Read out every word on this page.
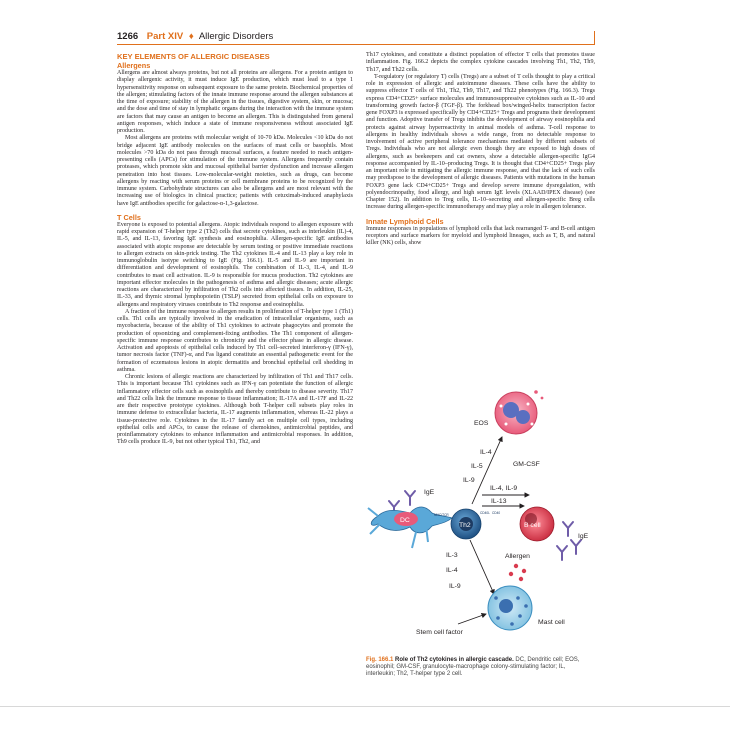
1266 Part XIV ♦ Allergic Disorders
KEY ELEMENTS OF ALLERGIC DISEASES
Allergens

Allergens are almost always proteins, but not all proteins are allergens. For a protein antigen to display allergenic activity, it must induce IgE production, which must lead to a type 1 hypersensitivity response on subsequent exposure to the same protein. Biochemical properties of the allergen; stimulating factors of the innate immune response around the allergen substances at the time of exposure; stability of the allergen in the tissues, digestive system, skin, or mucosa; and the dose and time of stay in lymphatic organs during the interaction with the immune system are factors that may cause an antigen to become an allergen. This is distinguished from general antigen responses, which induce a state of immune responsiveness without associated IgE production.

Most allergens are proteins with molecular weight of 10-70 kDa. Molecules <10 kDa do not bridge adjacent IgE antibody molecules on the surfaces of mast cells or basophils. Most molecules >70 kDa do not pass through mucosal surfaces, a feature needed to reach antigen-presenting cells (APCs) for stimulation of the immune system. Allergens frequently contain proteases, which promote skin and mucosal epithelial barrier dysfunction and increase allergen penetration into host tissues. Low-molecular-weight moieties, such as drugs, can become allergens by reacting with serum proteins or cell membrane proteins to be recognized by the immune system. Carbohydrate structures can also be allergens and are most relevant with the increasing use of biologics in clinical practice; patients with cetuximab-induced anaphylaxis have IgE antibodies specific for galactose-α-1,3-galactose.

T Cells

Everyone is exposed to potential allergens. Atopic individuals respond to allergen exposure with rapid expansion of T-helper type 2 (Th2) cells that secrete cytokines, such as interleukin (IL)-4, IL-5, and IL-13, favoring IgE synthesis and eosinophilia. Allergen-specific IgE antibodies associated with atopic response are detectable by serum testing or positive immediate reactions to allergen extracts on skin-prick testing. The Th2 cytokines IL-4 and IL-13 play a key role in immunoglobulin isotype switching to IgE (Fig. 166.1). IL-5 and IL-9 are important in differentiation and development of eosinophils. The combination of IL-3, IL-4, and IL-9 contributes to mast cell activation. IL-9 is responsible for mucus production. Th2 cytokines are important effector molecules in the pathogenesis of asthma and allergic diseases; acute allergic reactions are characterized by infiltration of Th2 cells into affected tissues. In addition, IL-25, IL-33, and thymic stromal lymphopoietin (TSLP) secreted from epithelial cells on exposure to allergens and respiratory viruses contribute to Th2 response and eosinophilia.

A fraction of the immune response to allergen results in proliferation of T-helper type 1 (Th1) cells. Th1 cells are typically involved in the eradication of intracellular organisms, such as mycobacteria, because of the ability of Th1 cytokines to activate phagocytes and promote the production of opsonizing and complement-fixing antibodies. The Th1 component of allergen-specific immune response contributes to chronicity and the effector phase in allergic disease. Activation and apoptosis of epithelial cells induced by Th1 cell–secreted interferon-γ (IFN-γ), tumor necrosis factor (TNF)-α, and Fas ligand constitute an essential pathogenetic event for the formation of eczematous lesions in atopic dermatitis and bronchial epithelial cell shedding in asthma.

Chronic lesions of allergic reactions are characterized by infiltration of Th1 and Th17 cells. This is important because Th1 cytokines such as IFN-γ can potentiate the function of allergic inflammatory effector cells such as eosinophils and thereby contribute to disease severity. Th17 and Th22 cells link the immune response to tissue inflammation; IL-17A and IL-17F and IL-22 are their respective prototype cytokines. Although both T-helper cell subsets play roles in immune defense to extracellular bacteria, IL-17 augments inflammation, whereas IL-22 plays a tissue-protective role. Cytokines in the IL-17 family act on multiple cell types, including epithelial cells and APCs, to cause the release of chemokines, antimicrobial peptides, and proinflammatory cytokines to enhance inflammation and antimicrobial responses. In addition, Th9 cells produce IL-9, but not other typical Th1, Th2, and

Th17 cytokines, and constitute a distinct population of effector T cells that promotes tissue inflammation. Fig. 166.2 depicts the complex cytokine cascades involving Th1, Th2, Th9, Th17, and Th22 cells.

T-regulatory (or regulatory T) cells (Tregs) are a subset of T cells thought to play a critical role in expression of allergic and autoimmune diseases. These cells have the ability to suppress effector T cells of Th1, Th2, Th9, Th17, and Th22 phenotypes (Fig. 166.3). Tregs express CD4+CD25+ surface molecules and immunosuppressive cytokines such as IL-10 and transforming growth factor-β (TGF-β). The forkhead box/winged-helix transcription factor gene FOXP3 is expressed specifically by CD4+CD25+ Tregs and programs their development and function. Adoptive transfer of Tregs inhibits the development of airway eosinophilia and protects against airway hyperreactivity in animal models of asthma. T-cell response to allergens in healthy individuals shows a wide range, from no detectable response to involvement of active peripheral tolerance mechanisms mediated by different subsets of Tregs. Individuals who are not allergic even though they are exposed to high doses of allergens, such as beekeepers and cat owners, show a detectable allergen-specific IgG4 response accompanied by IL-10–producing Tregs. It is thought that CD4+CD25+ Tregs play an important role in mitigating the allergic immune response, and that the lack of such cells may predispose to the development of allergic diseases. Patients with mutations in the human FOXP3 gene lack CD4+CD25+ Tregs and develop severe immune dysregulation, with polyendocrinopathy, food allergy, and high serum IgE levels (XLAAD/IPEX disease) (see Chapter 152). In addition to Treg cells, IL-10–secreting and allergen-specific Breg cells increase during allergen-specific immunotherapy and may play a role in allergen tolerance.

Innate Lymphoid Cells

Immune responses in populations of lymphoid cells that lack rearranged T- and B-cell antigen receptors and surface markers for myeloid and lymphoid lineages, such as T, B, and natural killer (NK) cells, show

EOS
IL-4
IL-5
IL-9
GM-CSF
IL-4, IL-9
IL-13
IgE
DC
MHC/TCR
Th2
CD40L CD40
B cell
IgE
IL-3
IL-4
IL-9
Allergen
Mast cell
Stem cell factor
Fig. 166.1 Role of Th2 cytokines in allergic cascade. DC, Dendritic cell; EOS, eosinophil; GM-CSF, granulocyte-macrophage colony-stimulating factor; IL, interleukin; Th2, T-helper type 2 cell.
